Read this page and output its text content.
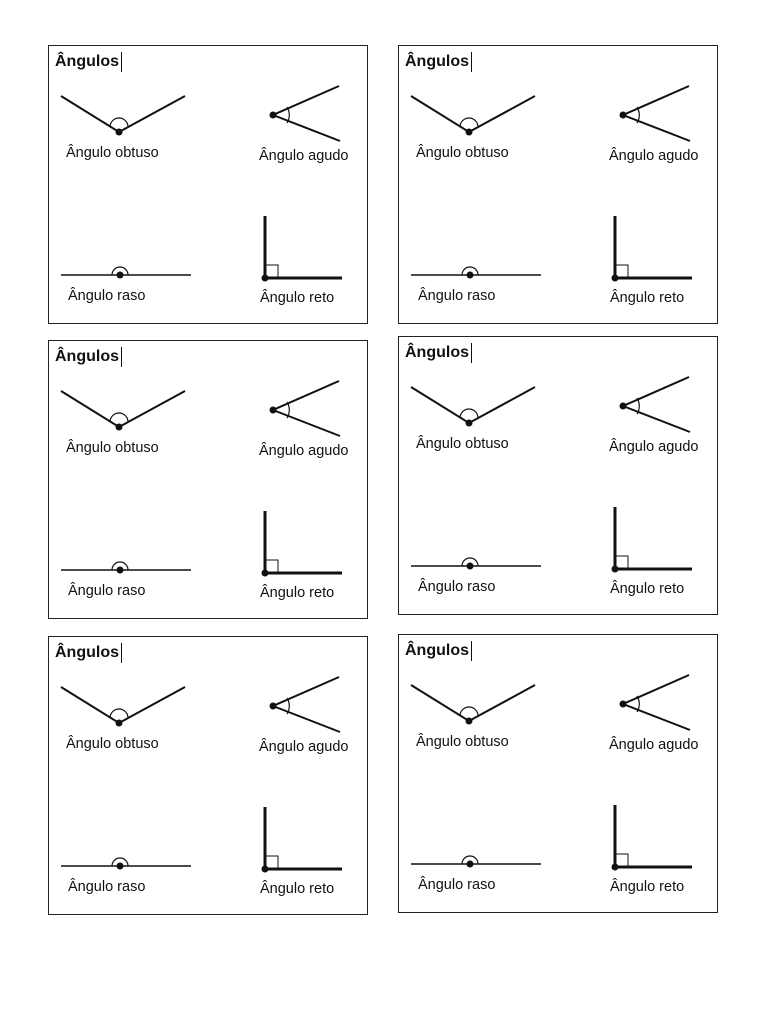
Ângulos
Ângulo obtuso	Ângulo agudo
Ângulo raso	Ângulo reto
Ângulos
Ângulo obtuso	Ângulo agudo
Ângulo raso	Ângulo reto
Ângulos
Ângulo obtuso	Ângulo agudo
Ângulo raso	Ângulo reto
Ângulos
Ângulo obtuso	Ângulo agudo
Ângulo raso	Ângulo reto
Ângulos
Ângulo obtuso	Ângulo agudo
Ângulo raso	Ângulo reto
Ângulos
Ângulo obtuso	Ângulo agudo
Ângulo raso	Ângulo reto
